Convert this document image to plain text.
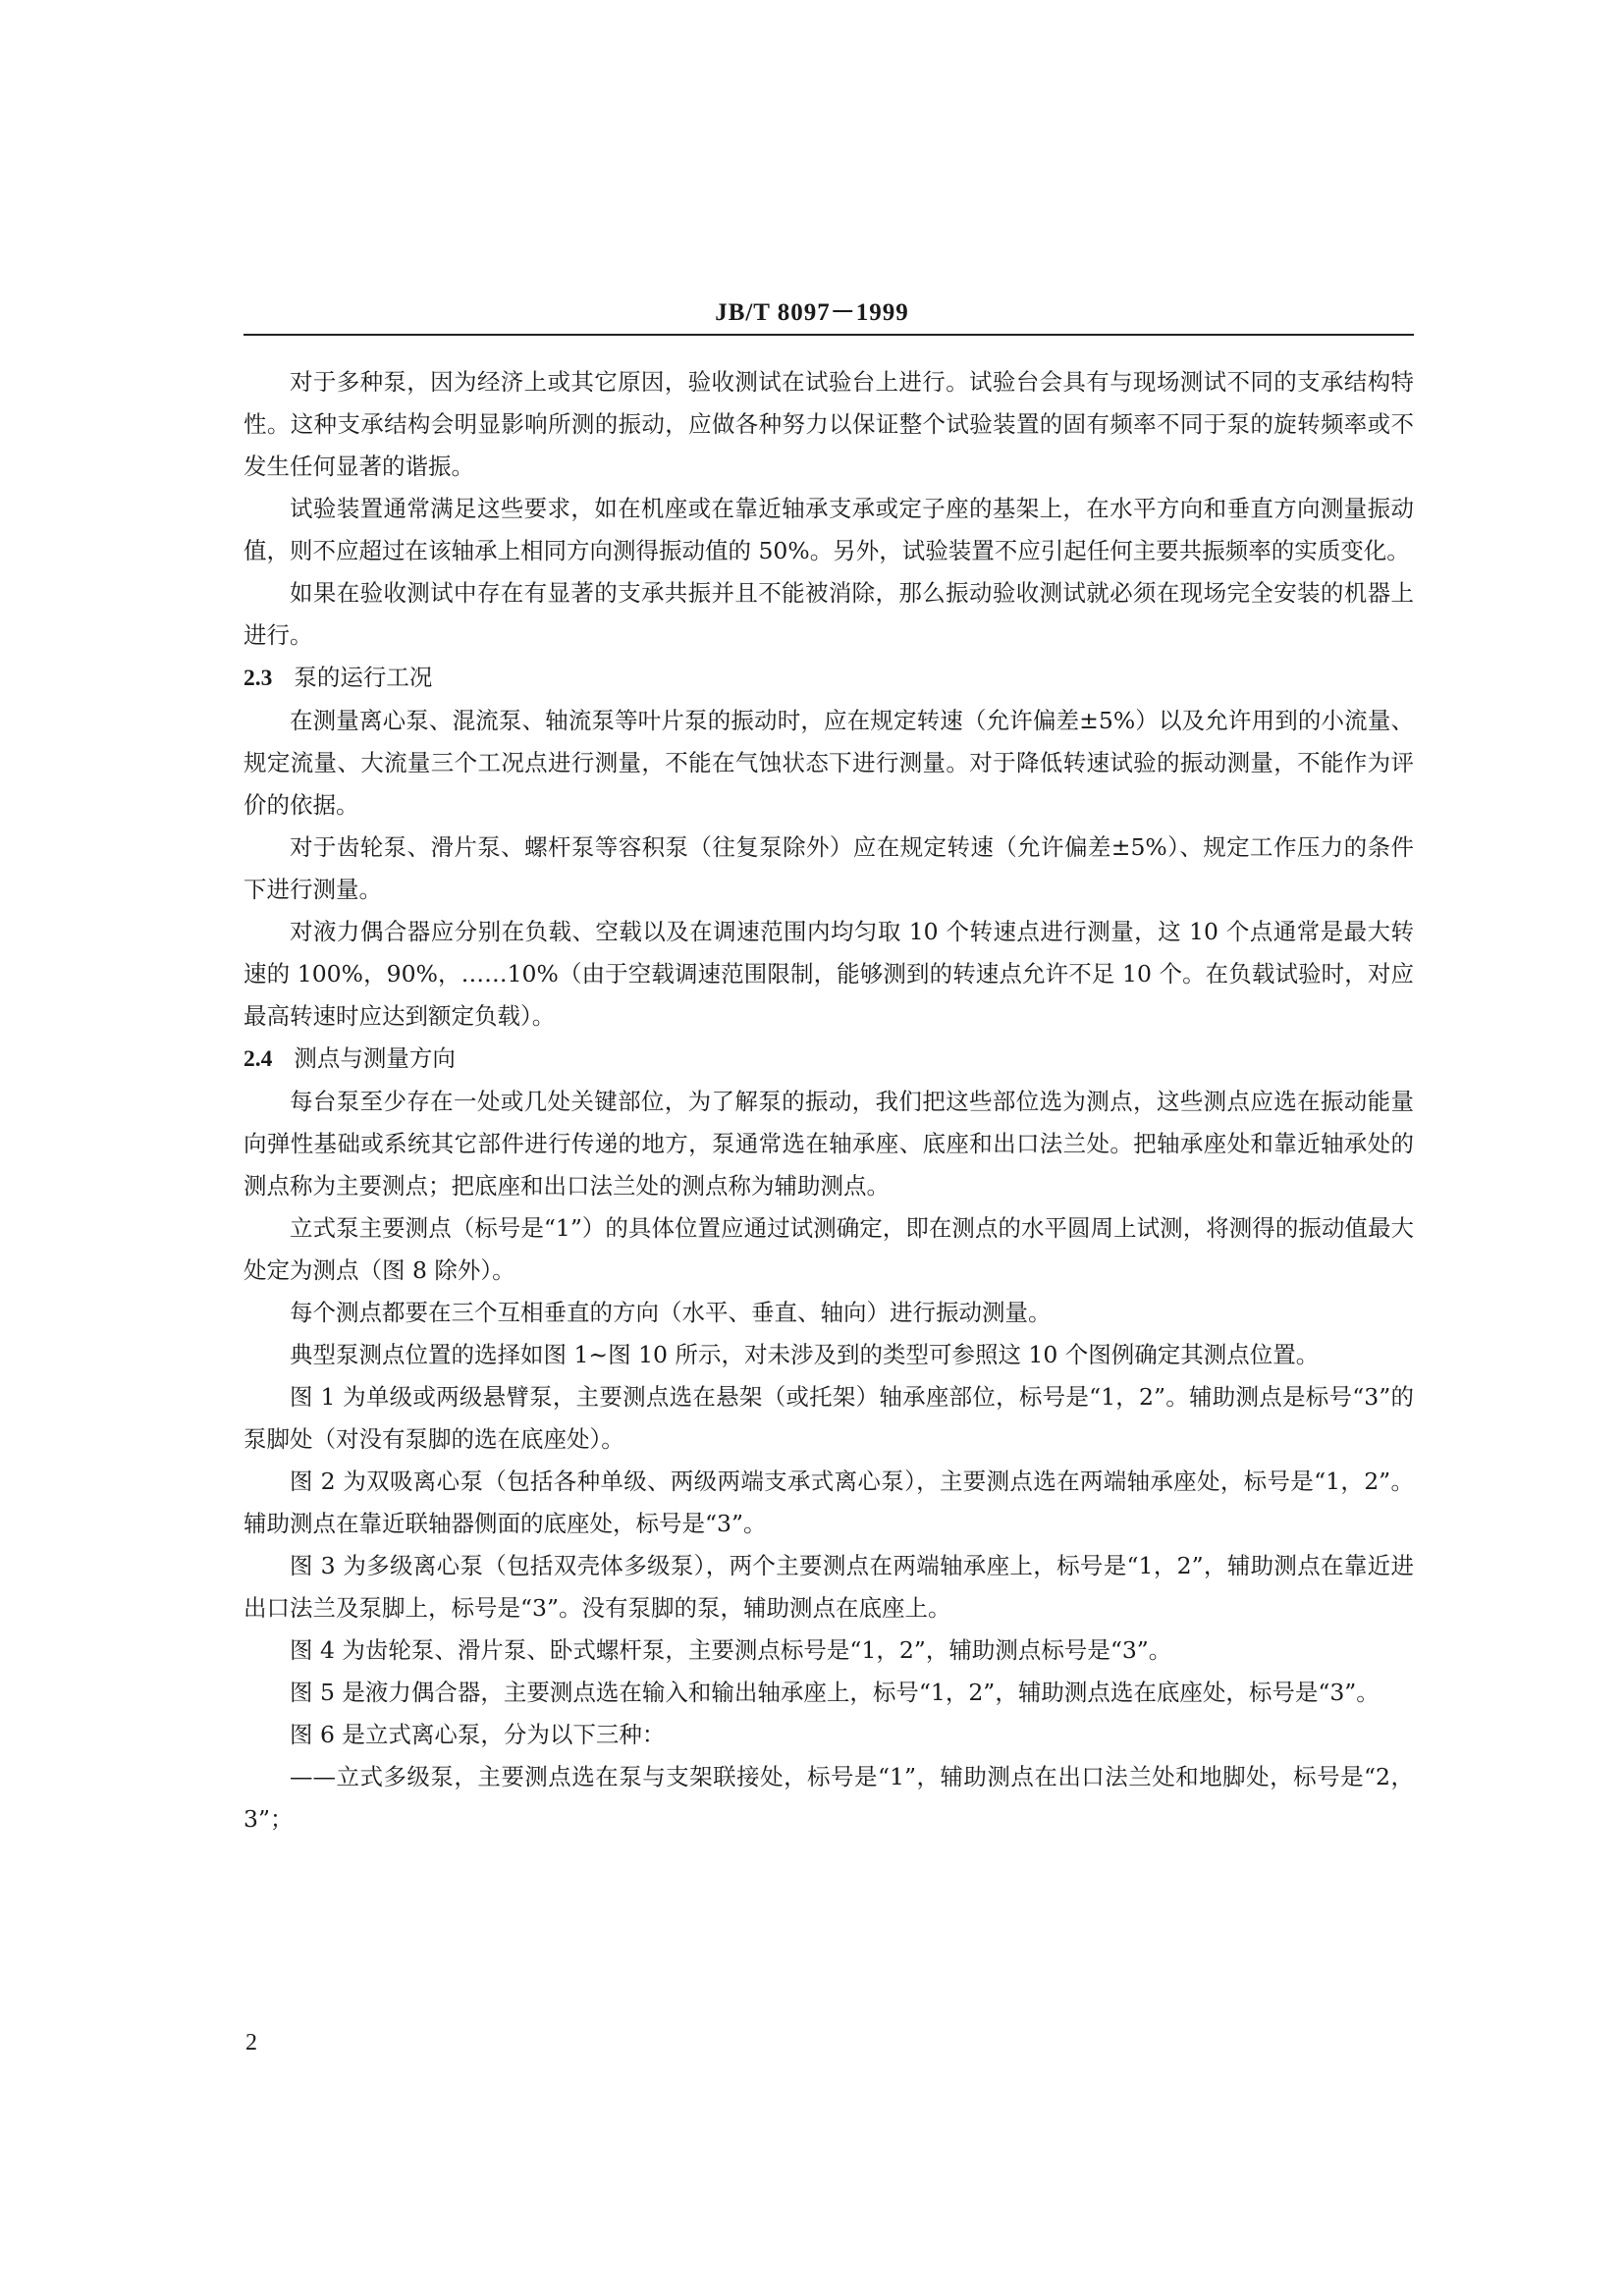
JB/T 8097－1999

对于多种泵，因为经济上或其它原因，验收测试在试验台上进行。试验台会具有与现场测试不同的支承结构特性。这种支承结构会明显影响所测的振动，应做各种努力以保证整个试验装置的固有频率不同于泵的旋转频率或不发生任何显著的谐振。

试验装置通常满足这些要求，如在机座或在靠近轴承支承或定子座的基架上，在水平方向和垂直方向测量振动值，则不应超过在该轴承上相同方向测得振动值的 50%。另外，试验装置不应引起任何主要共振频率的实质变化。

如果在验收测试中存在有显著的支承共振并且不能被消除，那么振动验收测试就必须在现场完全安装的机器上进行。

2.3 泵的运行工况

在测量离心泵、混流泵、轴流泵等叶片泵的振动时，应在规定转速（允许偏差±5%）以及允许用到的小流量、规定流量、大流量三个工况点进行测量，不能在气蚀状态下进行测量。对于降低转速试验的振动测量，不能作为评价的依据。

对于齿轮泵、滑片泵、螺杆泵等容积泵（往复泵除外）应在规定转速（允许偏差±5%）、规定工作压力的条件下进行测量。

对液力偶合器应分别在负载、空载以及在调速范围内均匀取 10 个转速点进行测量，这 10 个点通常是最大转速的 100%，90%，……10%（由于空载调速范围限制，能够测到的转速点允许不足 10 个。在负载试验时，对应最高转速时应达到额定负载）。

2.4 测点与测量方向

每台泵至少存在一处或几处关键部位，为了解泵的振动，我们把这些部位选为测点，这些测点应选在振动能量向弹性基础或系统其它部件进行传递的地方，泵通常选在轴承座、底座和出口法兰处。把轴承座处和靠近轴承处的测点称为主要测点；把底座和出口法兰处的测点称为辅助测点。

立式泵主要测点（标号是“1”）的具体位置应通过试测确定，即在测点的水平圆周上试测，将测得的振动值最大处定为测点（图 8 除外）。

每个测点都要在三个互相垂直的方向（水平、垂直、轴向）进行振动测量。

典型泵测点位置的选择如图 1~图 10 所示，对未涉及到的类型可参照这 10 个图例确定其测点位置。

图 1 为单级或两级悬臂泵，主要测点选在悬架（或托架）轴承座部位，标号是“1，2”。辅助测点是标号“3”的泵脚处（对没有泵脚的选在底座处）。

图 2 为双吸离心泵（包括各种单级、两级两端支承式离心泵），主要测点选在两端轴承座处，标号是“1，2”。辅助测点在靠近联轴器侧面的底座处，标号是“3”。

图 3 为多级离心泵（包括双壳体多级泵），两个主要测点在两端轴承座上，标号是“1，2”，辅助测点在靠近进出口法兰及泵脚上，标号是“3”。没有泵脚的泵，辅助测点在底座上。

图 4 为齿轮泵、滑片泵、卧式螺杆泵，主要测点标号是“1，2”，辅助测点标号是“3”。

图 5 是液力偶合器，主要测点选在输入和输出轴承座上，标号“1，2”，辅助测点选在底座处，标号是“3”。

图 6 是立式离心泵，分为以下三种：

——立式多级泵，主要测点选在泵与支架联接处，标号是“1”，辅助测点在出口法兰处和地脚处，标号是“2，3”；

2
